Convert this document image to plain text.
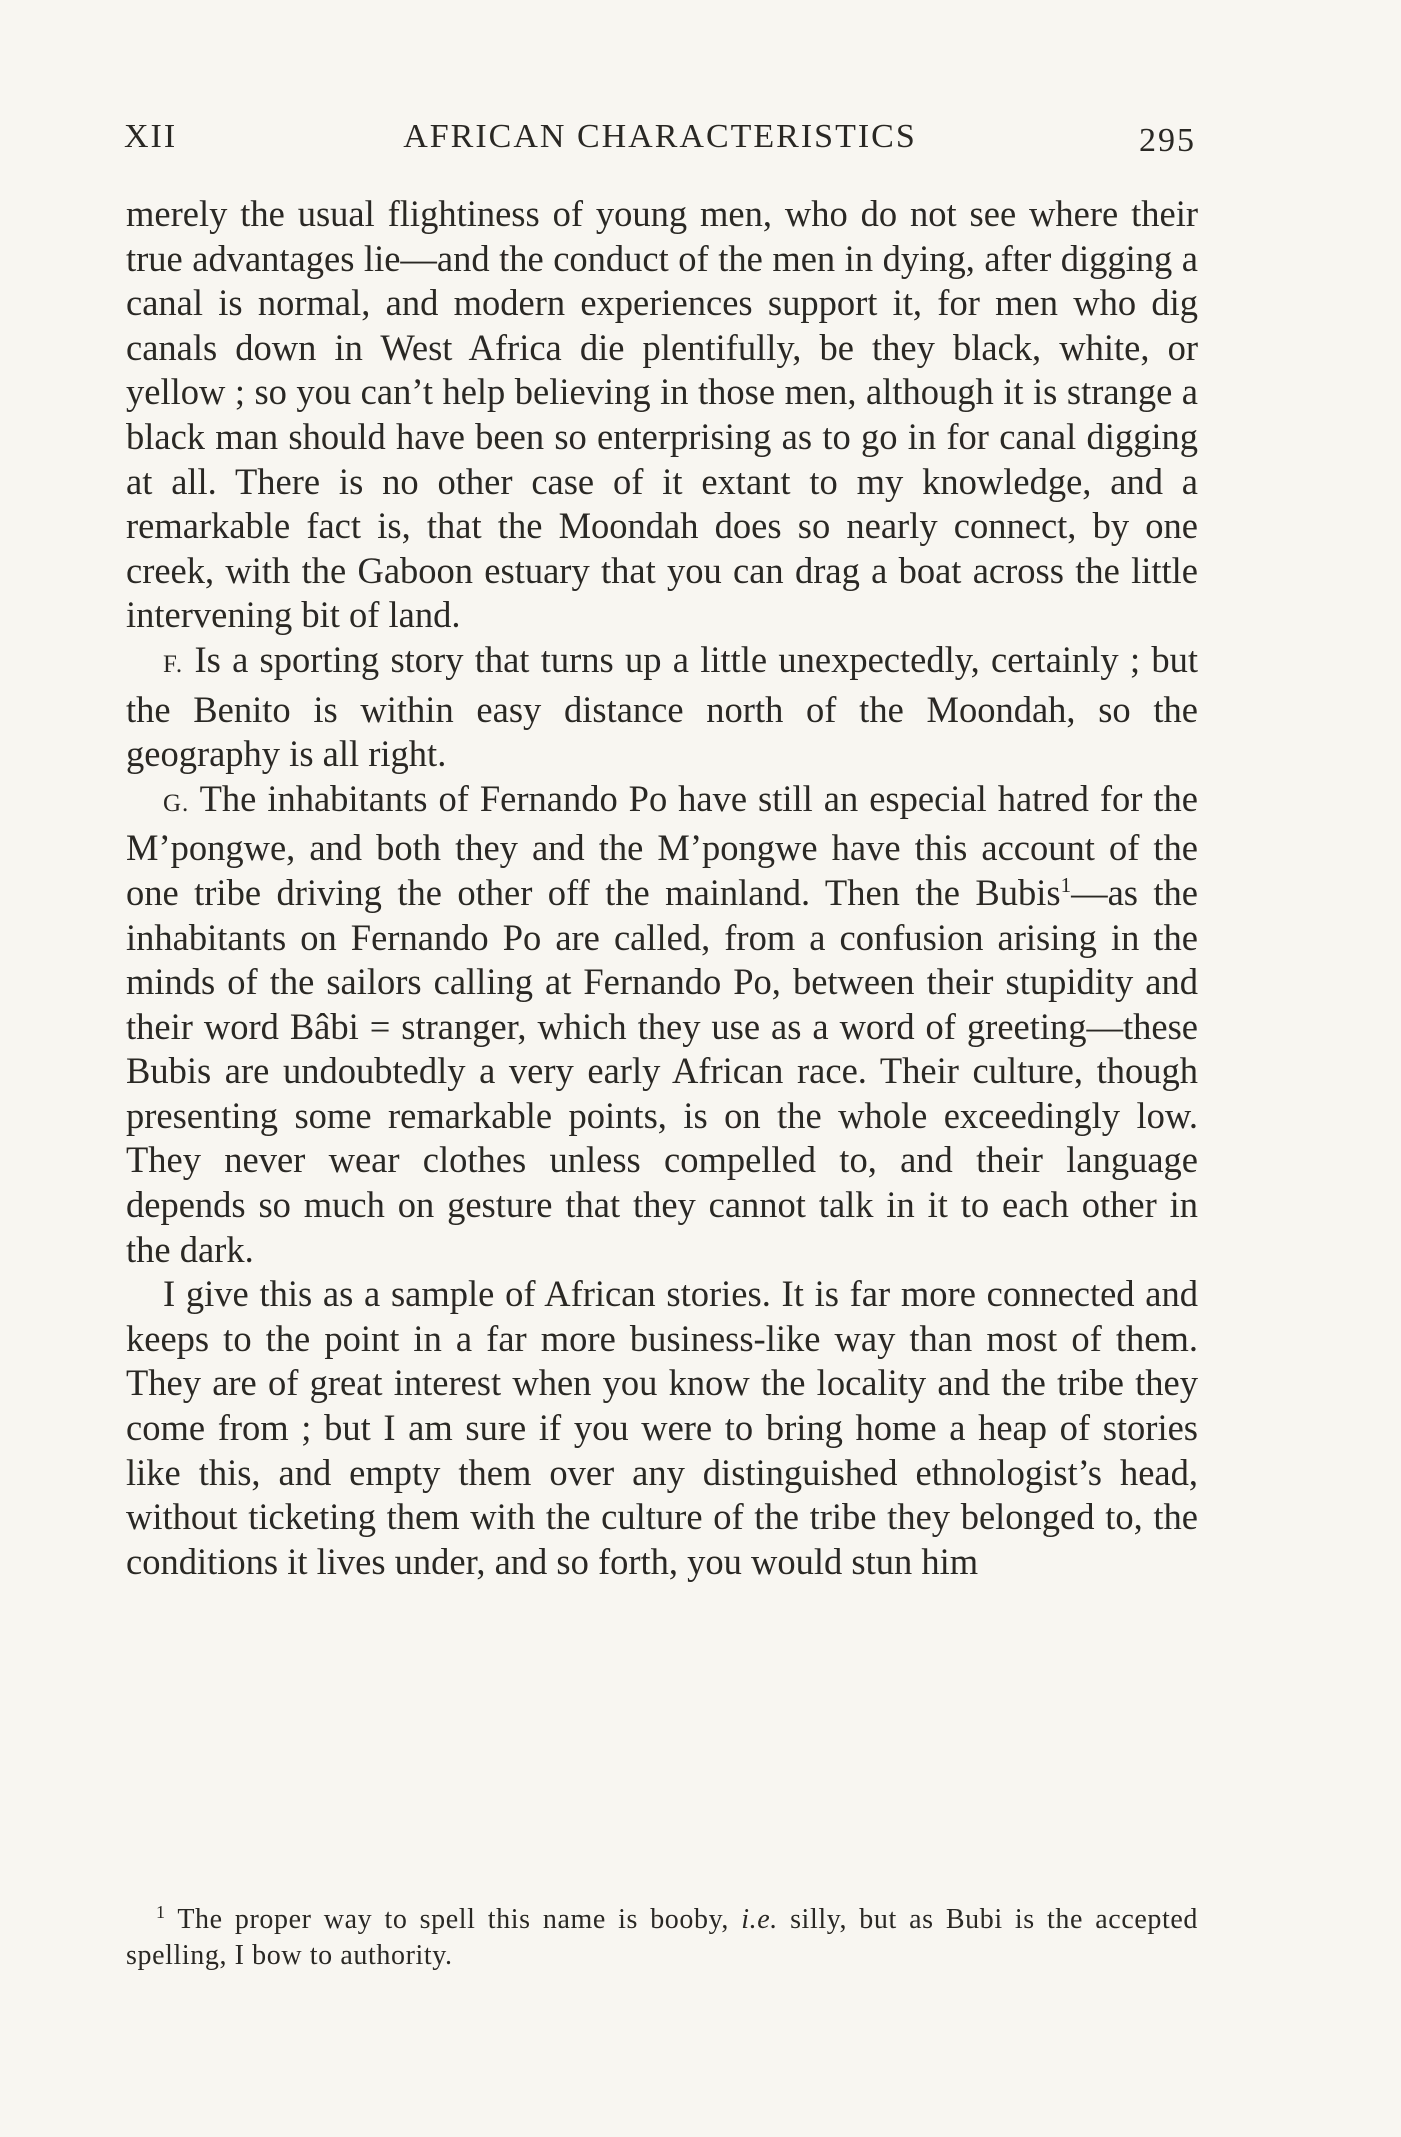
XII	AFRICAN CHARACTERISTICS	295

merely the usual flightiness of young men, who do not see where their true advantages lie—and the conduct of the men in dying, after digging a canal is normal, and modern experiences support it, for men who dig canals down in West Africa die plentifully, be they black, white, or yellow ; so you can’t help believing in those men, although it is strange a black man should have been so enterprising as to go in for canal digging at all. There is no other case of it extant to my knowledge, and a remarkable fact is, that the Moondah does so nearly connect, by one creek, with the Gaboon estuary that you can drag a boat across the little intervening bit of land.

F. Is a sporting story that turns up a little unexpectedly, certainly ; but the Benito is within easy distance north of the Moondah, so the geography is all right.

G. The inhabitants of Fernando Po have still an especial hatred for the M’pongwe, and both they and the M’pongwe have this account of the one tribe driving the other off the mainland. Then the Bubis$^1$—as the inhabitants on Fernando Po are called, from a confusion arising in the minds of the sailors calling at Fernando Po, between their stupidity and their word Bâbi = stranger, which they use as a word of greeting—these Bubis are undoubtedly a very early African race. Their culture, though presenting some remarkable points, is on the whole exceedingly low. They never wear clothes unless compelled to, and their language depends so much on gesture that they cannot talk in it to each other in the dark.

I give this as a sample of African stories. It is far more connected and keeps to the point in a far more business-like way than most of them. They are of great interest when you know the locality and the tribe they come from ; but I am sure if you were to bring home a heap of stories like this, and empty them over any distinguished ethnologist’s head, without ticketing them with the culture of the tribe they belonged to, the conditions it lives under, and so forth, you would stun him

$^1$ The proper way to spell this name is booby, i.e. silly, but as Bubi is the accepted spelling, I bow to authority.
